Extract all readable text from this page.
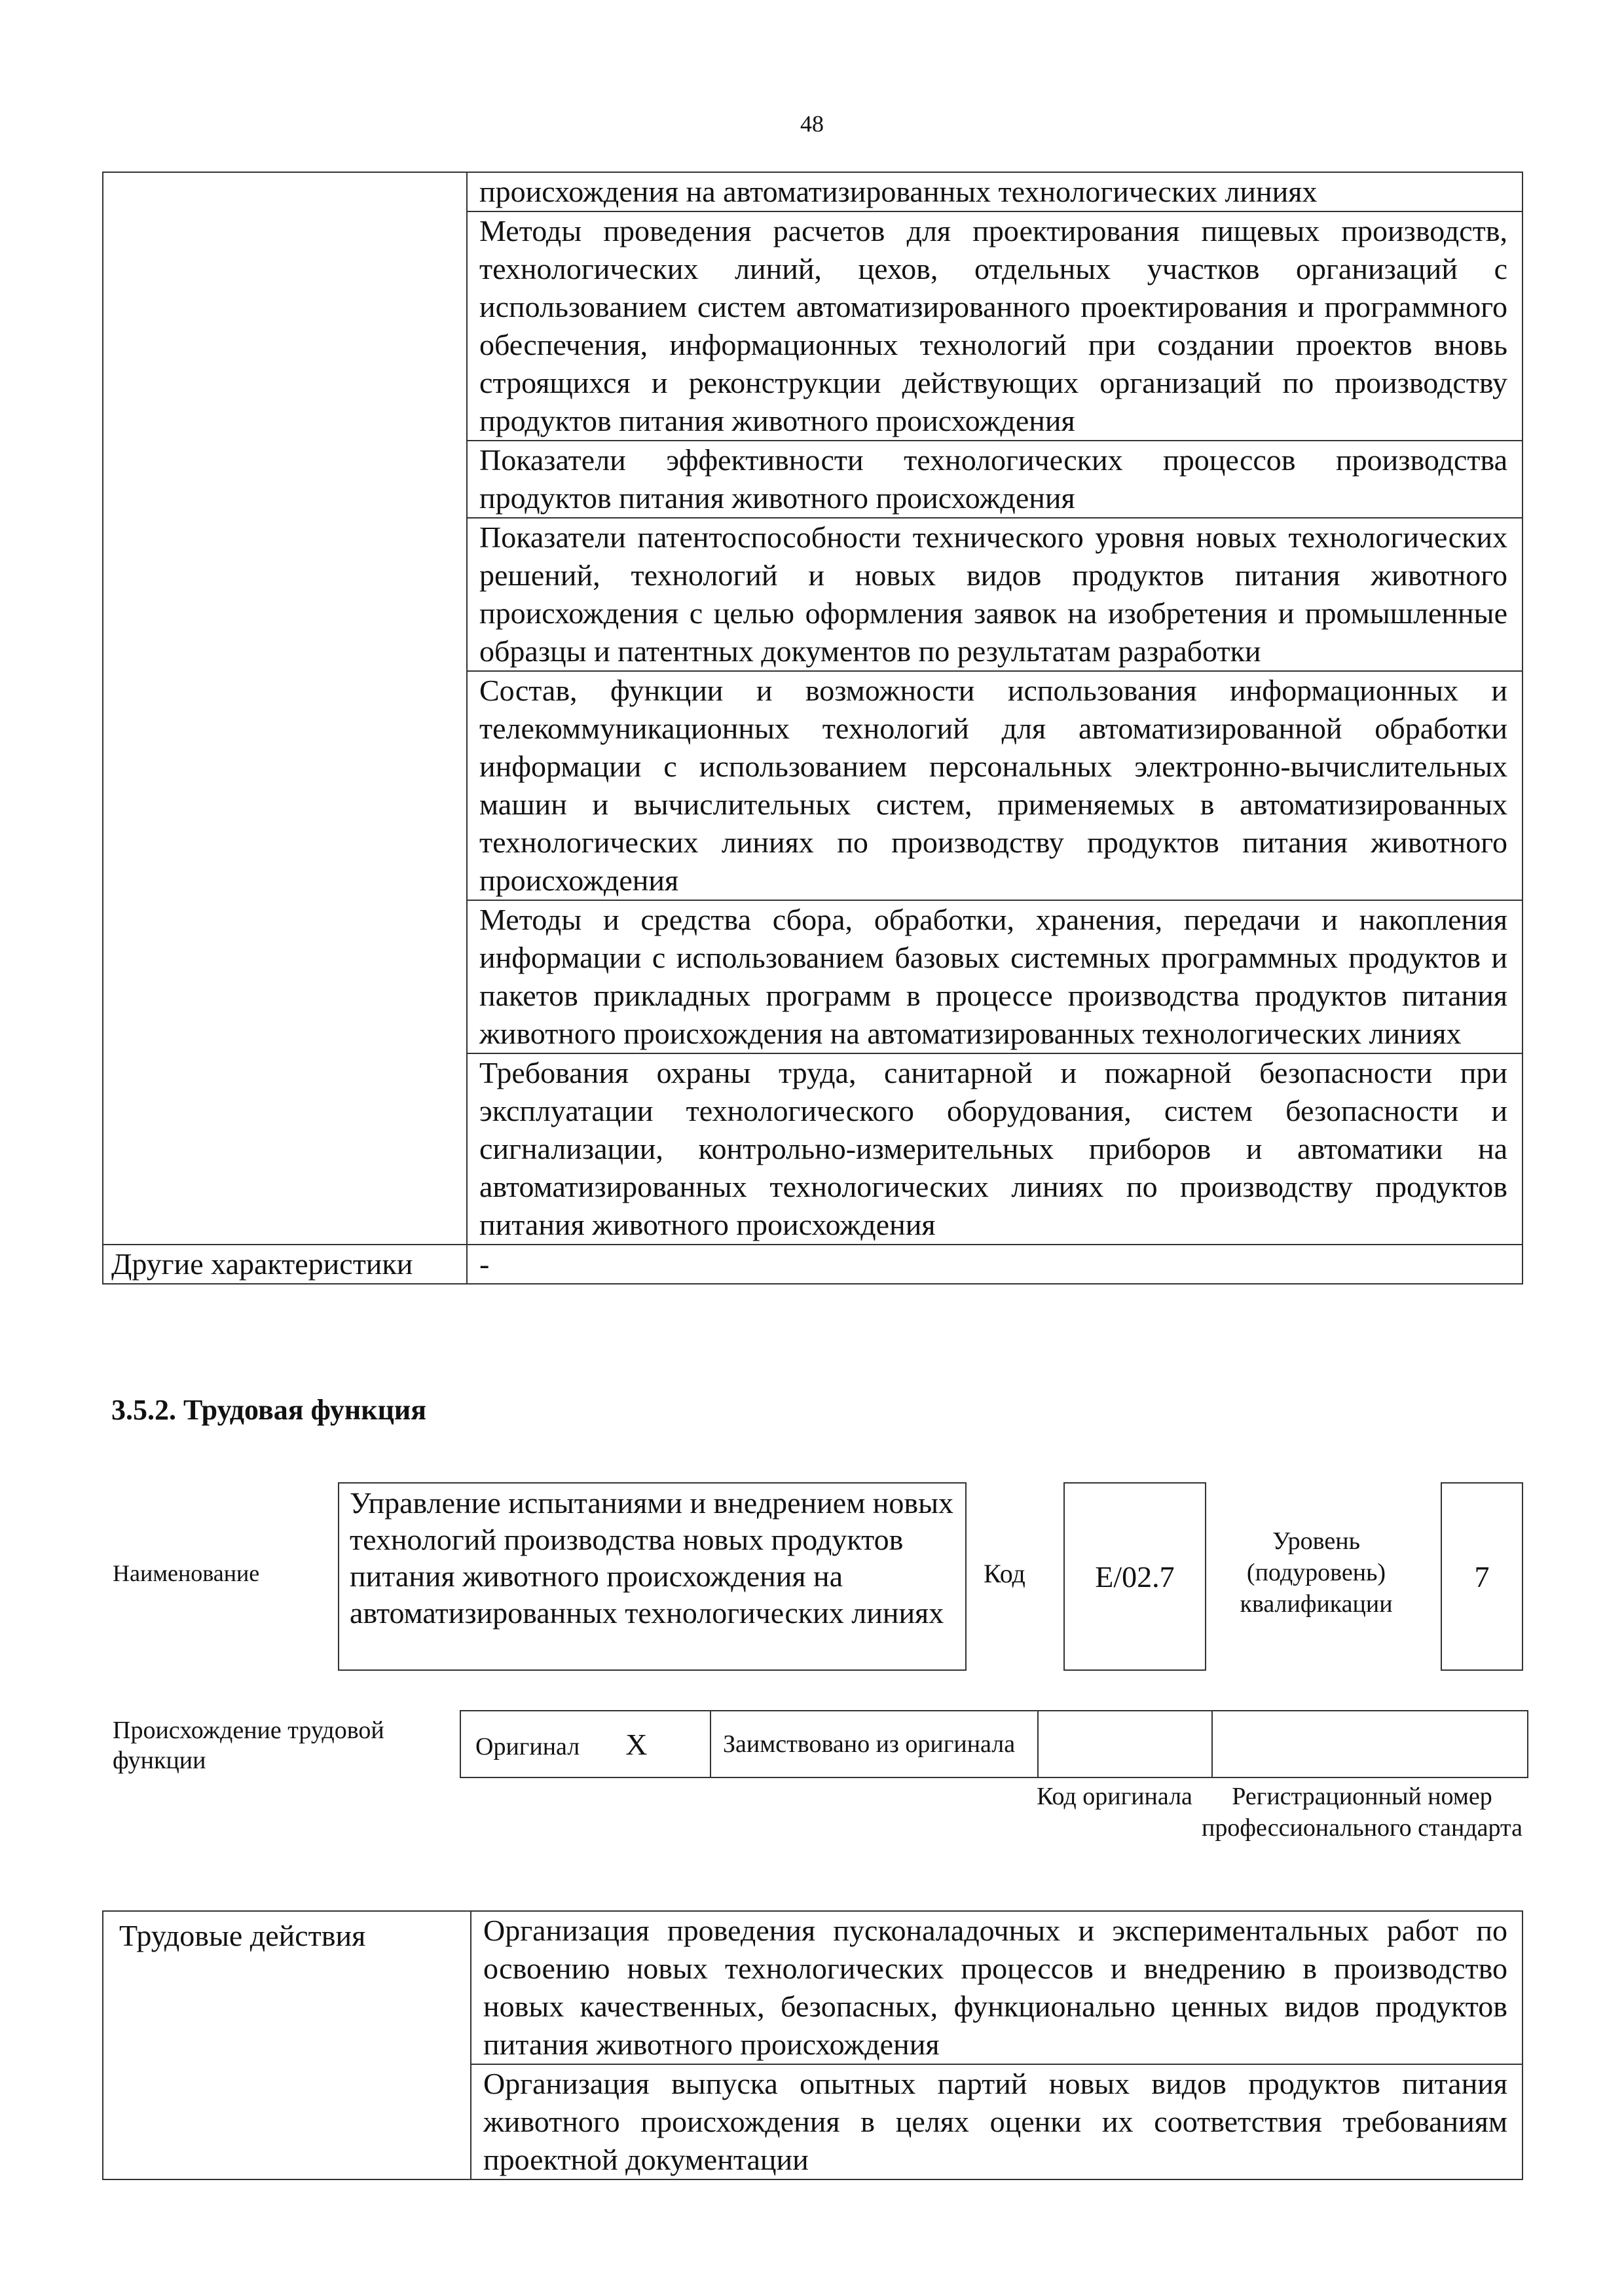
48
	происхождения на автоматизированных технологических линиях
	Методы проведения расчетов для проектирования пищевых производств, технологических линий, цехов, отдельных участков организаций с использованием систем автоматизированного проектирования и программного обеспечения, информационных технологий при создании проектов вновь строящихся и реконструкции действующих организаций по производству продуктов питания животного происхождения
	Показатели эффективности технологических процессов производства продуктов питания животного происхождения
	Показатели патентоспособности технического уровня новых технологических решений, технологий и новых видов продуктов питания животного происхождения с целью оформления заявок на изобретения и промышленные образцы и патентных документов по результатам разработки
	Состав, функции и возможности использования информационных и телекоммуникационных технологий для автоматизированной обработки информации с использованием персональных электронно-вычислительных машин и вычислительных систем, применяемых в автоматизированных технологических линиях по производству продуктов питания животного происхождения
	Методы и средства сбора, обработки, хранения, передачи и накопления информации с использованием базовых системных программных продуктов и пакетов прикладных программ в процессе производства продуктов питания животного происхождения на автоматизированных технологических линиях
	Требования охраны труда, санитарной и пожарной безопасности при эксплуатации технологического оборудования, систем безопасности и сигнализации, контрольно-измерительных приборов и автоматики на автоматизированных технологических линиях по производству продуктов питания животного происхождения
Другие характеристики	-
3.5.2. Трудовая функция
Наименование
Управление испытаниями и внедрением новых технологий производства новых продуктов питания животного происхождения на автоматизированных технологических линиях
Код	Е/02.7
Уровень (подуровень) квалификации
7
Происхождение трудовой функции
Оригинал Х	Заимствовано из оригинала		
Код оригинала	Регистрационный номер профессионального стандарта
Трудовые действия	Организация проведения пусконаладочных и экспериментальных работ по освоению новых технологических процессов и внедрению в производство новых качественных, безопасных, функционально ценных видов продуктов питания животного происхождения
Организация выпуска опытных партий новых видов продуктов питания животного происхождения в целях оценки их соответствия требованиям проектной документации
